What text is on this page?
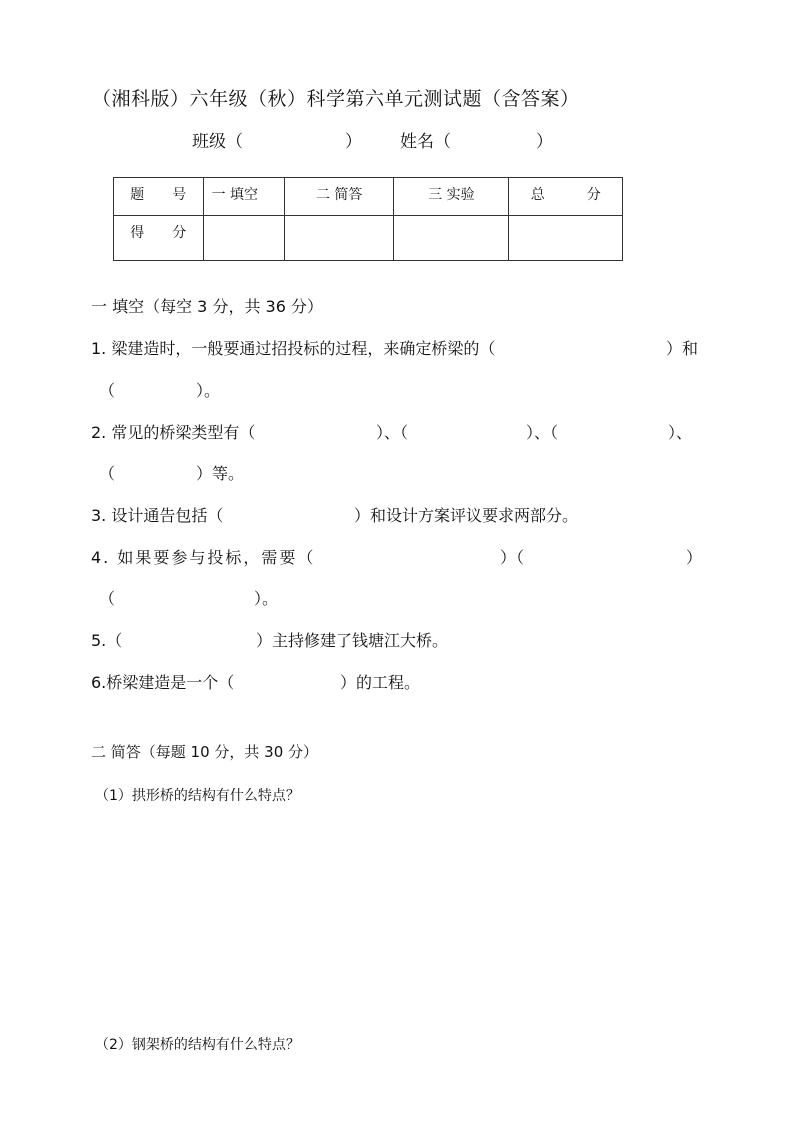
（湘科版）六年级（秋）科学第六单元测试题（含答案）
班级（　　　　　　） 姓名（　　　　　）
题　　号	一 填空	二 简答	三 实验	总　　　分

得　　分				

一 填空（每空 3 分，共 36 分）
1. 梁建造时，一般要通过招投标的过程，来确定桥梁的（	）和
（	）。
2. 常见的桥梁类型有（	）、（	）、（	）、
（	）等。
3. 设计通告包括（	）和设计方案评议要求两部分。
4. 如果要参与投标，需要（	）（	）
（	）。
5.（	）主持修建了钱塘江大桥。
6.桥梁建造是一个（	）的工程。
二 简答（每题 10 分，共 30 分）
（1）拱形桥的结构有什么特点？
（2）钢架桥的结构有什么特点？
